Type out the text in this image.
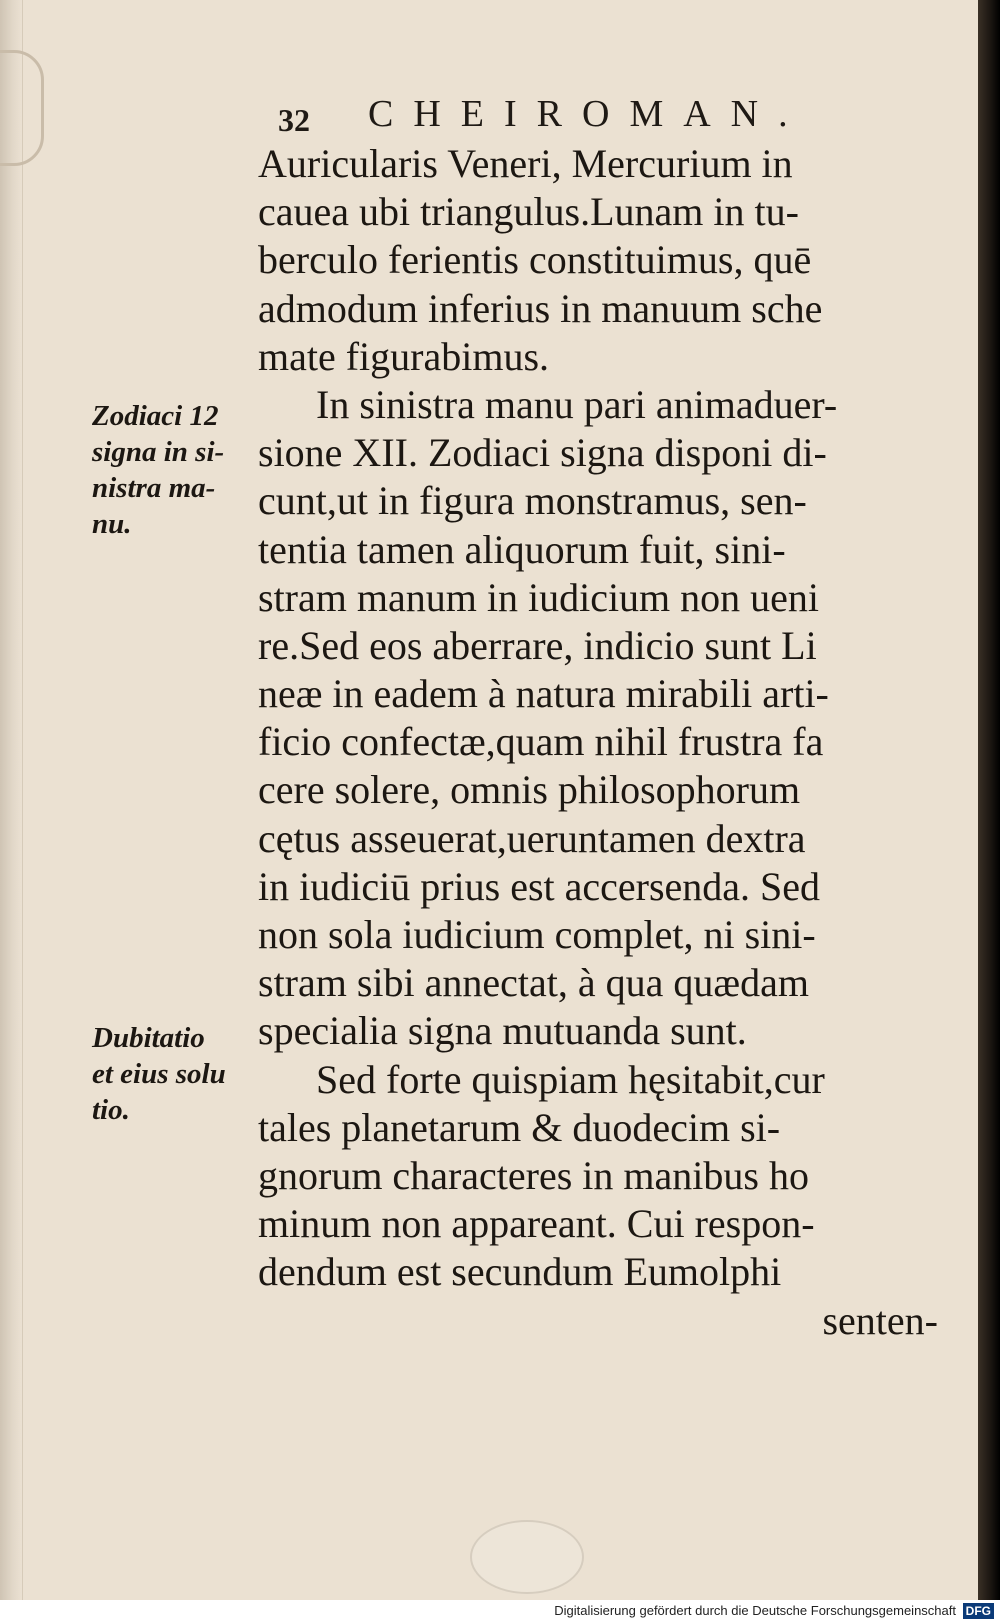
32 CHEIROMAN.
Auricularis Veneri, Mercurium in
cauea ubi triangulus.Lunam in tu-
berculo ferientis constituimus, quē
admodum inferius in manuum sche
mate figurabimus.
In sinistra manu pari animaduer-
sione XII. Zodiaci signa disponi di-
cunt,ut in figura monstramus, sen-
tentia tamen aliquorum fuit, sini-
stram manum in iudicium non ueni
re.Sed eos aberrare, indicio sunt Li
neæ in eadem à natura mirabili arti-
ficio confectæ,quam nihil frustra fa
cere solere, omnis philosophorum
cętus asseuerat,ueruntamen dextra
in iudiciū prius est accersenda. Sed
non sola iudicium complet, ni sini-
stram sibi annectat, à qua quædam
specialia signa mutuanda sunt.
Sed forte quispiam hęsitabit,cur
tales planetarum & duodecim si-
gnorum characteres in manibus ho
minum non appareant. Cui respon-
dendum est secundum Eumolphi
senten-
Zodiaci 12
signa in si-
nistra ma-
nu.
Dubitatio
et eius solu
tio.
Digitalisierung gefördert durch die Deutsche Forschungsgemeinschaft DFG
